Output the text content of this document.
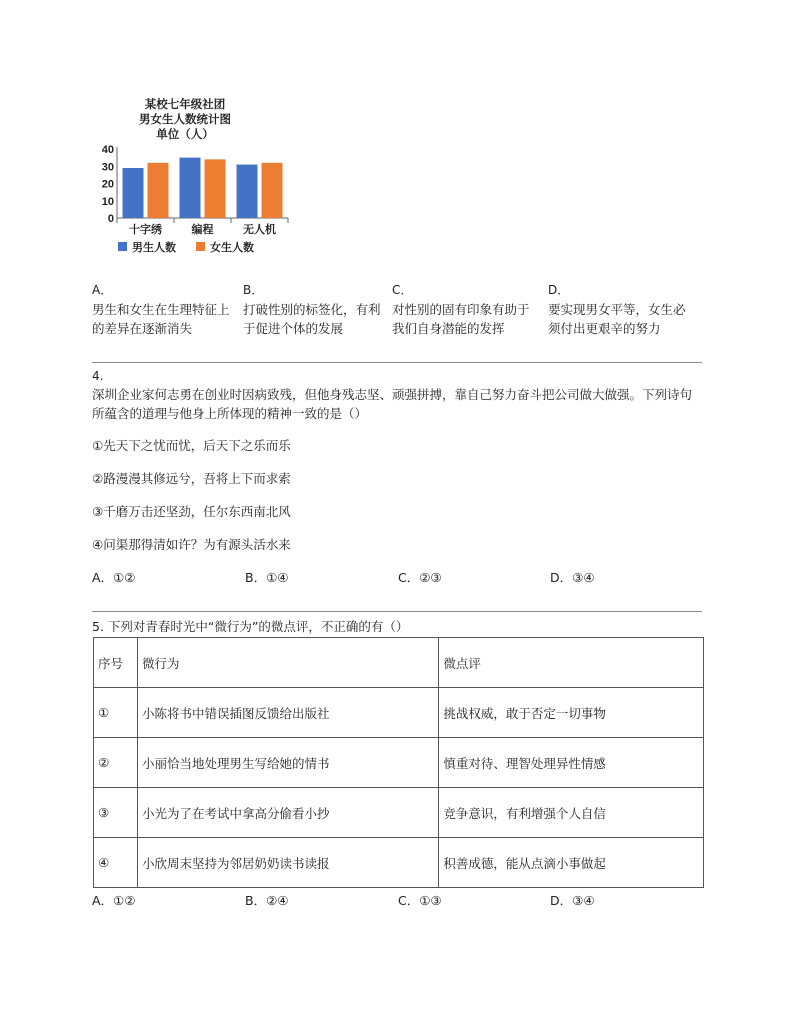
某校七年级社团
男女生人数统计图
单位（人）
0
10
20
30
40
十字绣	编程	无人机
男生人数	女生人数
A．
男生和女生在生理特征上的差异在逐渐消失
B．
打破性别的标签化，有利于促进个体的发展
C．
对性别的固有印象有助于我们自身潜能的发挥
D．
要实现男女平等，女生必须付出更艰辛的努力
4.
深圳企业家何志勇在创业时因病致残，但他身残志坚、顽强拼搏，靠自己努力奋斗把公司做大做强。下列诗句所蕴含的道理与他身上所体现的精神一致的是（）
①先天下之忧而忧，后天下之乐而乐
②路漫漫其修远兮，吾将上下而求索
③千磨万击还坚劲，任尔东西南北风
④问渠那得清如许？为有源头活水来
A．①②	B．①④	C．②③	D．③④
5. 下列对青春时光中“微行为”的微点评，不正确的有（）
序号	微行为	微点评
①	小陈将书中错误插图反馈给出版社	挑战权威，敢于否定一切事物
②	小丽恰当地处理男生写给她的情书	慎重对待、理智处理异性情感
③	小光为了在考试中拿高分偷看小抄	竞争意识，有利增强个人自信
④	小欣周末坚持为邻居奶奶读书读报	积善成德，能从点滴小事做起
A．①②	B．②④	C．①③	D．③④
